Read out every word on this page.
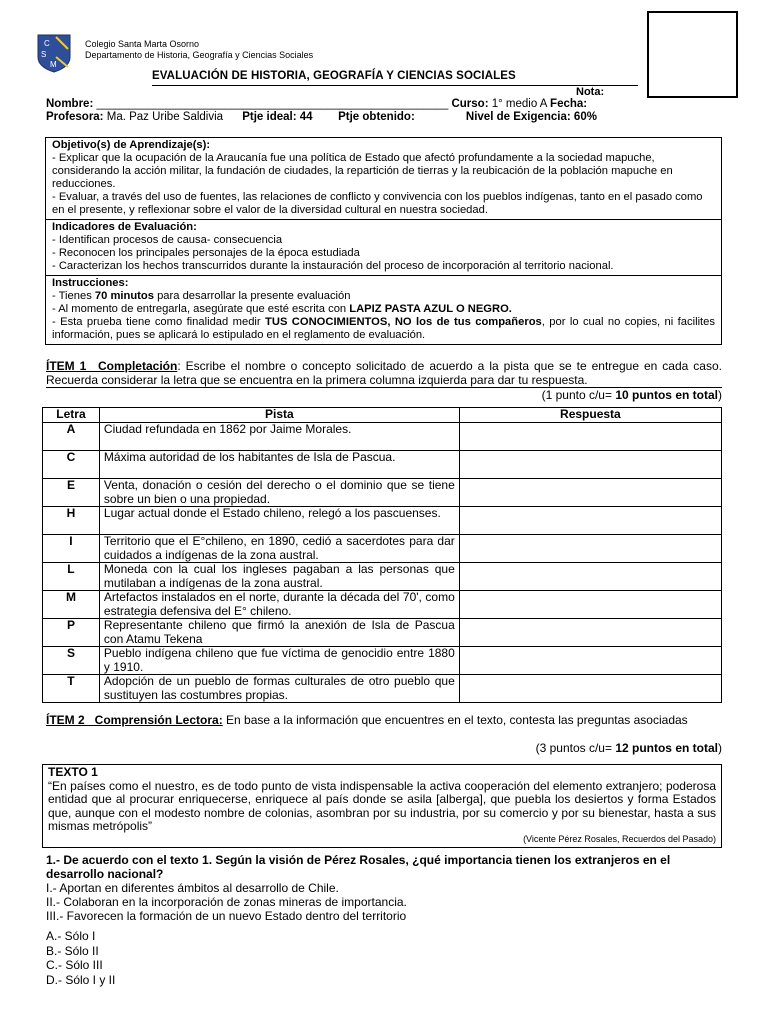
C
S
M
Colegio Santa Marta Osorno
Departamento de Historia, Geografía y Ciencias Sociales
EVALUACIÓN DE HISTORIA, GEOGRAFÍA Y CIENCIAS SOCIALES
Nota:
Nombre: _______________________________________________________ Curso: 1° medio A Fecha:
Profesora: Ma. Paz Uribe Saldivia Ptje ideal: 44 Ptje obtenido:	Nivel de Exigencia: 60%
Objetivo(s) de Aprendizaje(s):
- Explicar que la ocupación de la Araucanía fue una política de Estado que afectó profundamente a la sociedad mapuche, considerando la acción militar, la fundación de ciudades, la repartición de tierras y la reubicación de la población mapuche en reducciones.
- Evaluar, a través del uso de fuentes, las relaciones de conflicto y convivencia con los pueblos indígenas, tanto en el pasado como en el presente, y reflexionar sobre el valor de la diversidad cultural en nuestra sociedad.
Indicadores de Evaluación:
- Identifican procesos de causa- consecuencia
- Reconocen los principales personajes de la época estudiada
- Caracterizan los hechos transcurridos durante la instauración del proceso de incorporación al territorio nacional.
Instrucciones:
- Tienes 70 minutos para desarrollar la presente evaluación
- Al momento de entregarla, asegúrate que esté escrita con LAPIZ PASTA AZUL O NEGRO.
- Esta prueba tiene como finalidad medir TUS CONOCIMIENTOS, NO los de tus compañeros, por lo cual no copies, ni facilites información, pues se aplicará lo estipulado en el reglamento de evaluación.
ÍTEM 1_ Completación: Escribe el nombre o concepto solicitado de acuerdo a la pista que se te entregue en cada caso. Recuerda considerar la letra que se encuentra en la primera columna izquierda para dar tu respuesta.
(1 punto c/u= 10 puntos en total)
Letra	Pista	Respuesta
A	Ciudad refundada en 1862 por Jaime Morales.	
C	Máxima autoridad de los habitantes de Isla de Pascua.	
E	Venta, donación o cesión del derecho o el dominio que se tiene sobre un bien o una propiedad.	
H	Lugar actual donde el Estado chileno, relegó a los pascuenses.	
I	Territorio que el E°chileno, en 1890, cedió a sacerdotes para dar cuidados a indígenas de la zona austral.	
L	Moneda con la cual los ingleses pagaban a las personas que mutilaban a indígenas de la zona austral.	
M	Artefactos instalados en el norte, durante la década del 70', como estrategia defensiva del E° chileno.	
P	Representante chileno que firmó la anexión de Isla de Pascua con Atamu Tekena	
S	Pueblo indígena chileno que fue víctima de genocidio entre 1880 y 1910.	
T	Adopción de un pueblo de formas culturales de otro pueblo que sustituyen las costumbres propias.	
ÍTEM 2_ Comprensión Lectora: En base a la información que encuentres en el texto, contesta las preguntas asociadas
(3 puntos c/u= 12 puntos en total)
TEXTO 1
“En países como el nuestro, es de todo punto de vista indispensable la activa cooperación del elemento extranjero; poderosa entidad que al procurar enriquecerse, enriquece al país donde se asila [alberga], que puebla los desiertos y forma Estados que, aunque con el modesto nombre de colonias, asombran por su industria, por su comercio y por su bienestar, hasta a sus mismas metrópolis”
(Vicente Pérez Rosales, Recuerdos del Pasado)
1.- De acuerdo con el texto 1. Según la visión de Pérez Rosales, ¿qué importancia tienen los extranjeros en el desarrollo nacional?
I.- Aportan en diferentes ámbitos al desarrollo de Chile.
II.- Colaboran en la incorporación de zonas mineras de importancia.
III.- Favorecen la formación de un nuevo Estado dentro del territorio
A.- Sólo I
B.- Sólo II
C.- Sólo III
D.- Sólo I y II
